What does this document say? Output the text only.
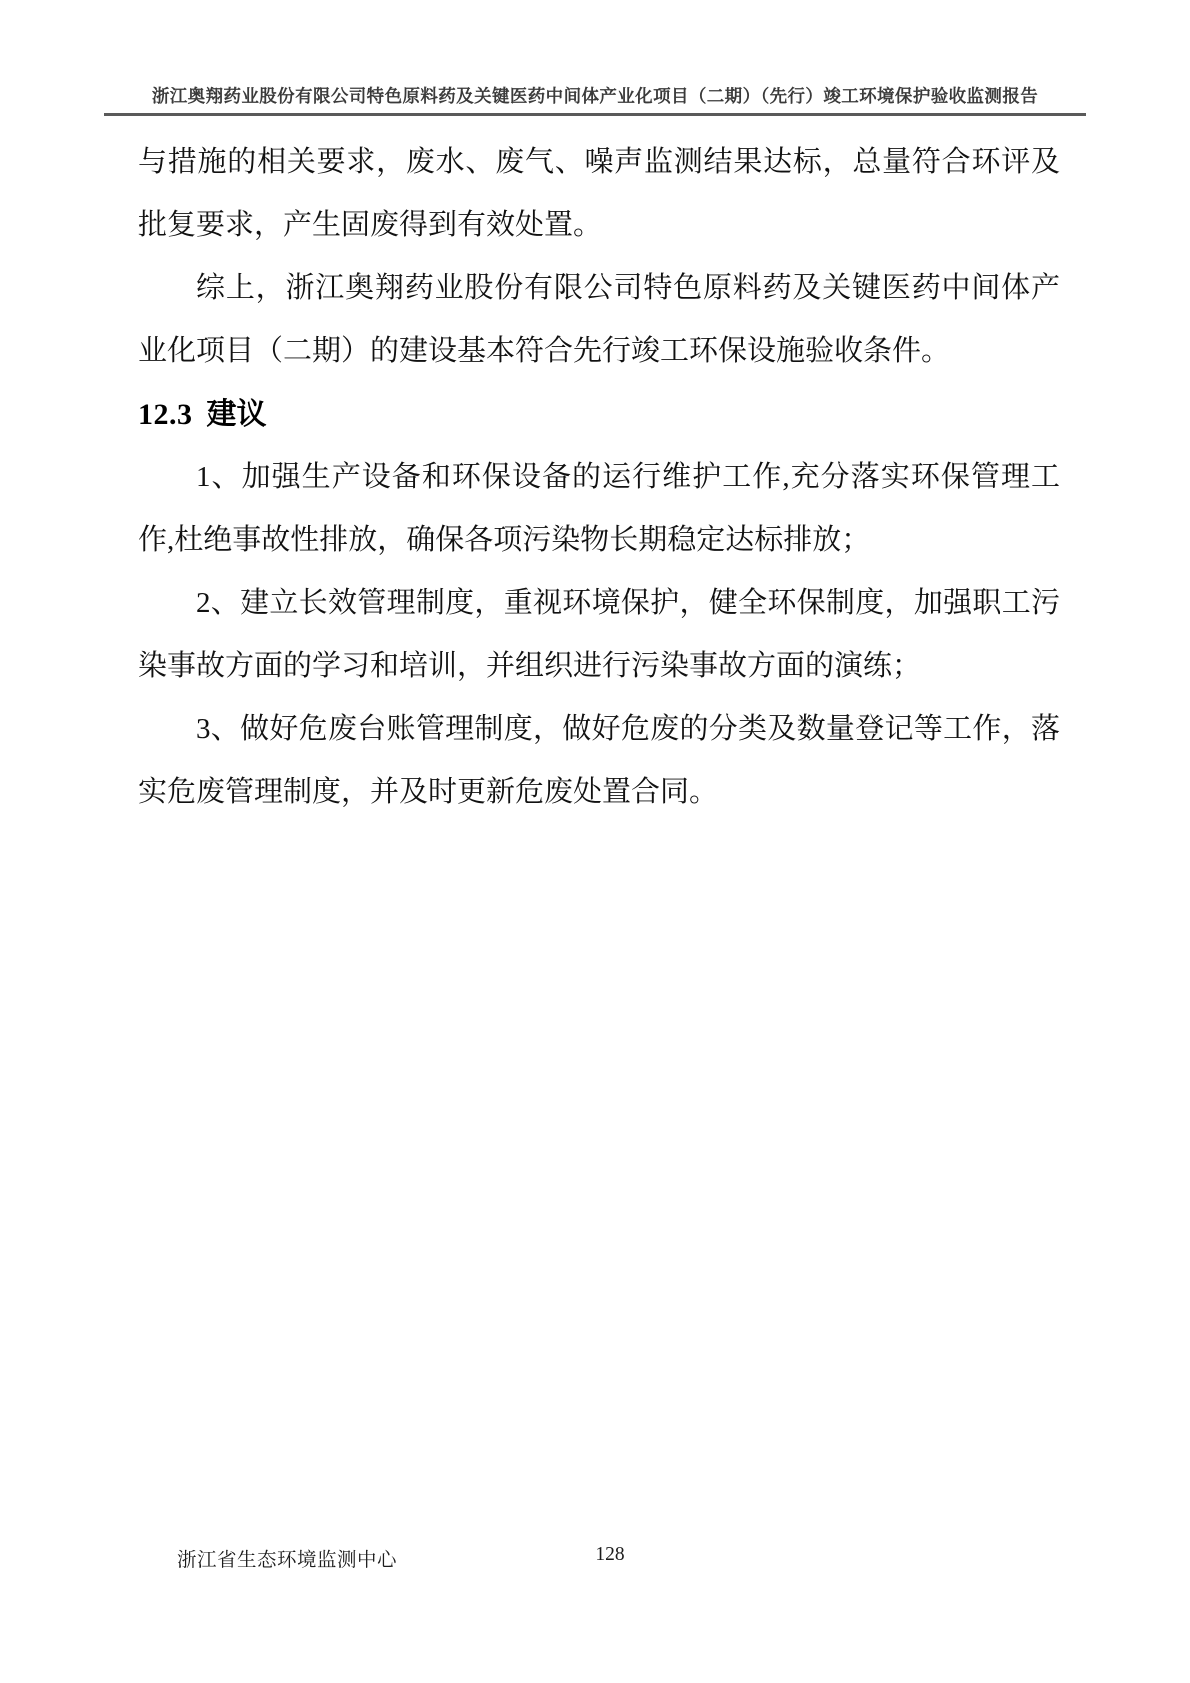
浙江奥翔药业股份有限公司特色原料药及关键医药中间体产业化项目（二期）（先行）竣工环境保护验收监测报告

与措施的相关要求，废水、废气、噪声监测结果达标，总量符合环评及批复要求，产生固废得到有效处置。

综上，浙江奥翔药业股份有限公司特色原料药及关键医药中间体产业化项目（二期）的建设基本符合先行竣工环保设施验收条件。

12.3 建议

1、加强生产设备和环保设备的运行维护工作,充分落实环保管理工作,杜绝事故性排放，确保各项污染物长期稳定达标排放；

2、建立长效管理制度，重视环境保护，健全环保制度，加强职工污染事故方面的学习和培训，并组织进行污染事故方面的演练；

3、做好危废台账管理制度，做好危废的分类及数量登记等工作，落实危废管理制度，并及时更新危废处置合同。

浙江省生态环境监测中心	128
